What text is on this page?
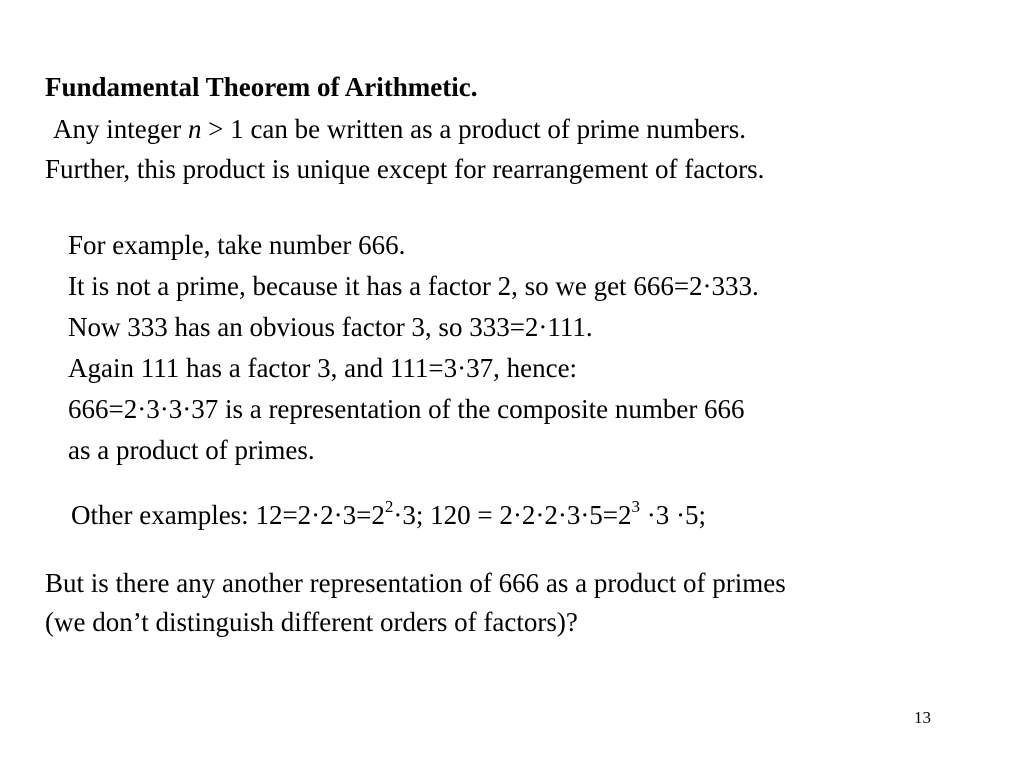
Fundamental Theorem of Arithmetic.
Any integer n > 1 can be written as a product of prime numbers.
Further, this product is unique except for rearrangement of factors.
For example, take number 666.
It is not a prime, because it has a factor 2, so we get 666=2·333.
Now 333 has an obvious factor 3, so 333=2·111.
Again 111 has a factor 3, and 111=3·37, hence:
666=2·3·3·37 is a representation of the composite number 666
as a product of primes.
Other examples: $12=2\cdot 2\cdot 3=2^2\cdot 3$; $120 = 2\cdot 2\cdot 2\cdot 3\cdot 5=2^3 \cdot 3 \cdot 5$;
But is there any another representation of 666 as a product of primes
(we don’t distinguish different orders of factors)?
13
